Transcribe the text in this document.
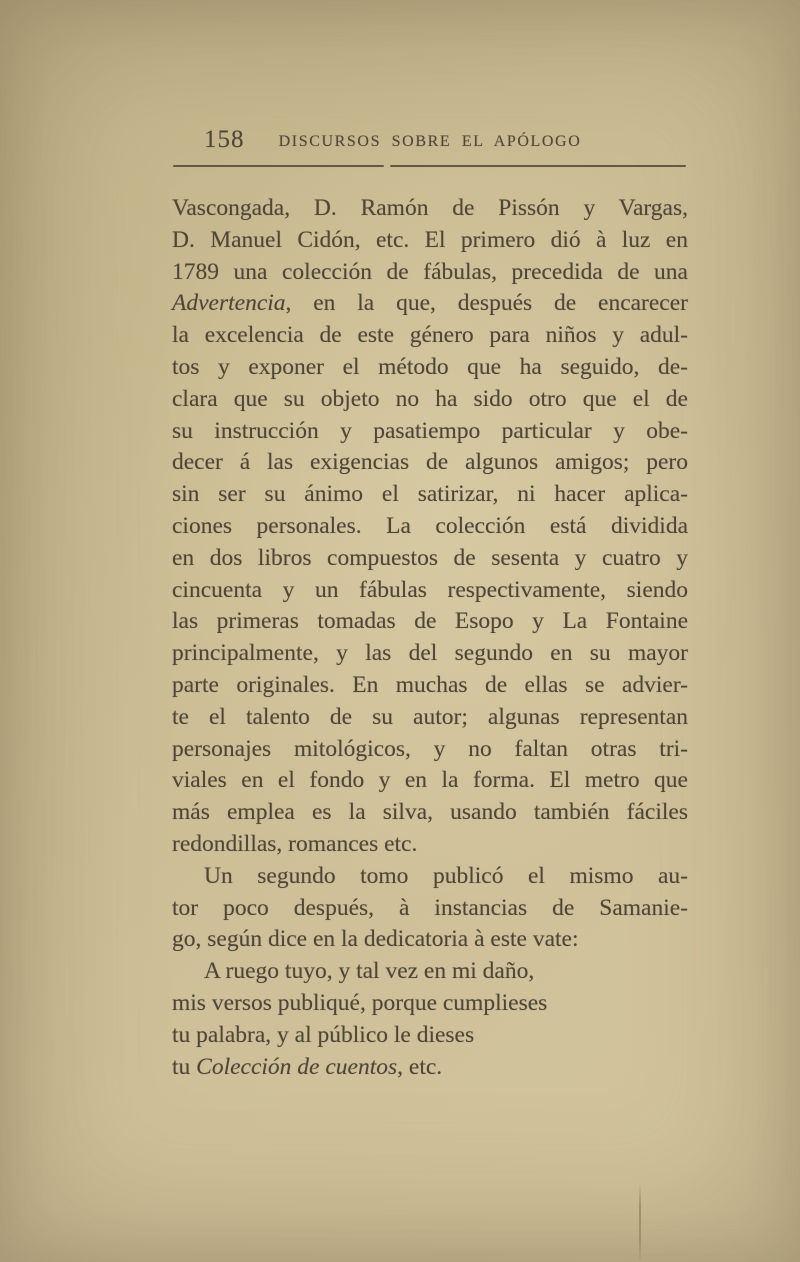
158	DISCURSOS SOBRE EL APÓLOGO
Vascongada, D. Ramón de Pissón y Vargas,
D. Manuel Cidón, etc. El primero dió à luz en
1789 una colección de fábulas, precedida de una
Advertencia, en la que, después de encarecer
la excelencia de este género para niños y adul-
tos y exponer el método que ha seguido, de-
clara que su objeto no ha sido otro que el de
su instrucción y pasatiempo particular y obe-
decer á las exigencias de algunos amigos; pero
sin ser su ánimo el satirizar, ni hacer aplica-
ciones personales. La colección está dividida
en dos libros compuestos de sesenta y cuatro y
cincuenta y un fábulas respectivamente, siendo
las primeras tomadas de Esopo y La Fontaine
principalmente, y las del segundo en su mayor
parte originales. En muchas de ellas se advier-
te el talento de su autor; algunas representan
personajes mitológicos, y no faltan otras tri-
viales en el fondo y en la forma. El metro que
más emplea es la silva, usando también fáciles
redondillas, romances etc.
Un segundo tomo publicó el mismo au-
tor poco después, à instancias de Samanie-
go, según dice en la dedicatoria à este vate:
A ruego tuyo, y tal vez en mi daño,
mis versos publiqué, porque cumplieses
tu palabra, y al público le dieses
tu Colección de cuentos, etc.
